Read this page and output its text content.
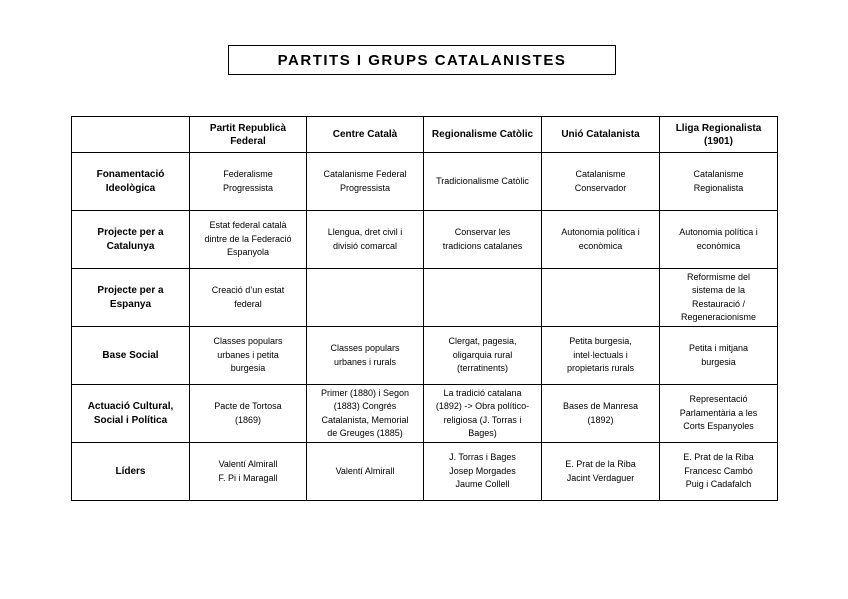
PARTITS I GRUPS CATALANISTES
	Partit Republicà
Federal	Centre Català	Regionalisme Catòlic	Unió Catalanista	Lliga Regionalista
(1901)
Fonamentació
Ideològica	Federalisme
Progressista	Catalanisme Federal
Progressista	Tradicionalisme Catòlic	Catalanisme
Conservador	Catalanisme
Regionalista
Projecte per a
Catalunya	Estat federal català
dintre de la Federació
Espanyola	Llengua, dret civil i
divisió comarcal	Conservar les
tradicions catalanes	Autonomia política i
econòmica	Autonomia política i
econòmica
Projecte per a
Espanya	Creació d’un estat
federal				Reformisme del
sistema de la
Restauració /
Regeneracionisme
Base Social	Classes populars
urbanes i petita
burgesia	Classes populars
urbanes i rurals	Clergat, pagesia,
oligarquia rural
(terratinents)	Petita burgesia,
intel·lectuals i
propietaris rurals	Petita i mitjana
burgesia
Actuació Cultural,
Social i Política	Pacte de Tortosa
(1869)	Primer (1880) i Segon
(1883) Congrés
Catalanista, Memorial
de Greuges (1885)	La tradició catalana
(1892) -> Obra político-
religiosa (J. Torras i
Bages)	Bases de Manresa
(1892)	Representació
Parlamentària a les
Corts Espanyoles
Líders	Valentí Almirall
F. Pi i Maragall	Valentí Almirall	J. Torras i Bages
Josep Morgades
Jaume Collell	E. Prat de la Riba
Jacint Verdaguer	E. Prat de la Riba
Francesc Cambó
Puig i Cadafalch
